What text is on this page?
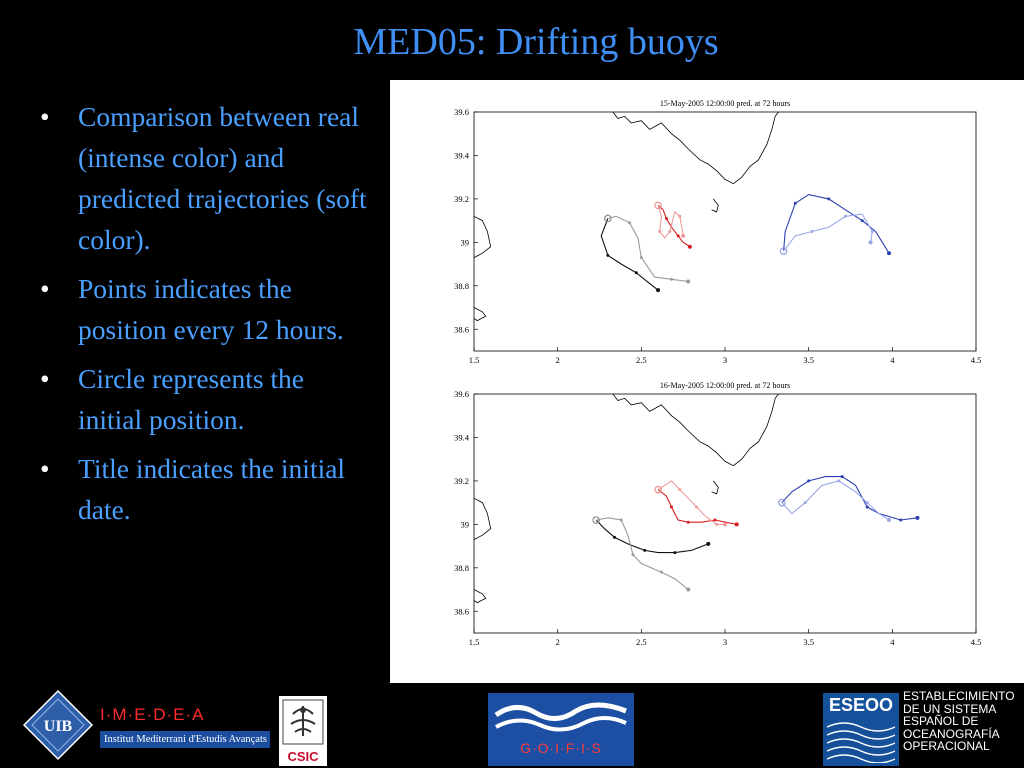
MED05: Drifting buoys
• Comparison between real (intense color) and predicted trajectories (soft color).
• Points indicates the position every 12 hours.
• Circle represents the initial position.
• Title indicates the initial date.
15-May-2005 12:00:00 pred. at 72 hours
1.5	2	2.5	3	3.5	4	4.5
38.6
38.8
39
39.2
39.4
39.6
16-May-2005 12:00:00 pred. at 72 hours
1.5	2	2.5	3	3.5	4	4.5
38.6
38.8
39
39.2
39.4
39.6
UIB
I·M·E·D·E·A
Institut Mediterrani d'Estudis Avançats
CSIC
G·O·I·F·I·S
ESEOO ESTABLECIMIENTO
DE UN SISTEMA
ESPAÑOL DE
OCEANOGRAFÍA
OPERACIONAL
